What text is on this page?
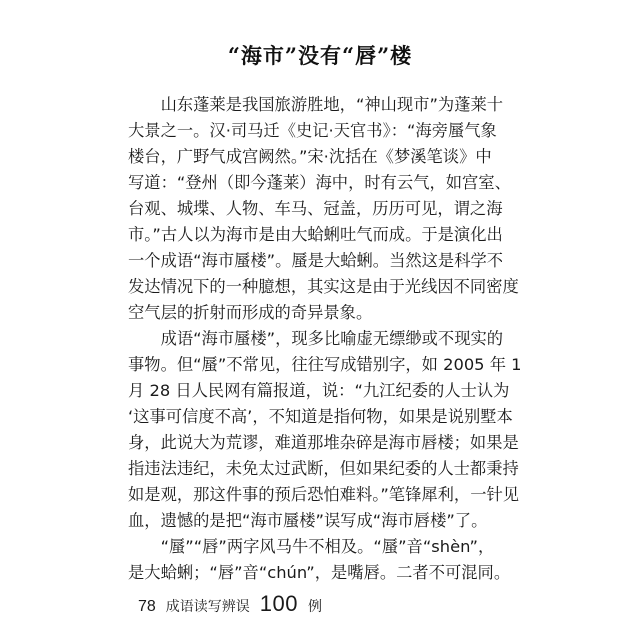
“海市”没有“唇”楼
　　山东蓬莱是我国旅游胜地，“神山现市”为蓬莱十
大景之一。汉·司马迁《史记·天官书》：“海旁蜃气象
楼台，广野气成宫阙然。”宋·沈括在《梦溪笔谈》中
写道：“登州（即今蓬莱）海中，时有云气，如宫室、
台观、城堞、人物、车马、冠盖，历历可见，谓之海
市。”古人以为海市是由大蛤蜊吐气而成。于是演化出
一个成语“海市蜃楼”。蜃是大蛤蜊。当然这是科学不
发达情况下的一种臆想，其实这是由于光线因不同密度
空气层的折射而形成的奇异景象。
　　成语“海市蜃楼”，现多比喻虚无缥缈或不现实的
事物。但“蜃”不常见，往往写成错别字，如 2005 年 1
月 28 日人民网有篇报道，说：“九江纪委的人士认为
‘这事可信度不高’，不知道是指何物，如果是说别墅本
身，此说大为荒谬，难道那堆杂碎是海市唇楼；如果是
指违法违纪，未免太过武断，但如果纪委的人士都秉持
如是观，那这件事的预后恐怕难料。”笔锋犀利，一针见
血，遗憾的是把“海市蜃楼”误写成“海市唇楼”了。
　　“蜃”“唇”两字风马牛不相及。“蜃”音“shèn”，
是大蛤蜊；“唇”音“chún”，是嘴唇。二者不可混同。
78 成语读写辨误 100 例
